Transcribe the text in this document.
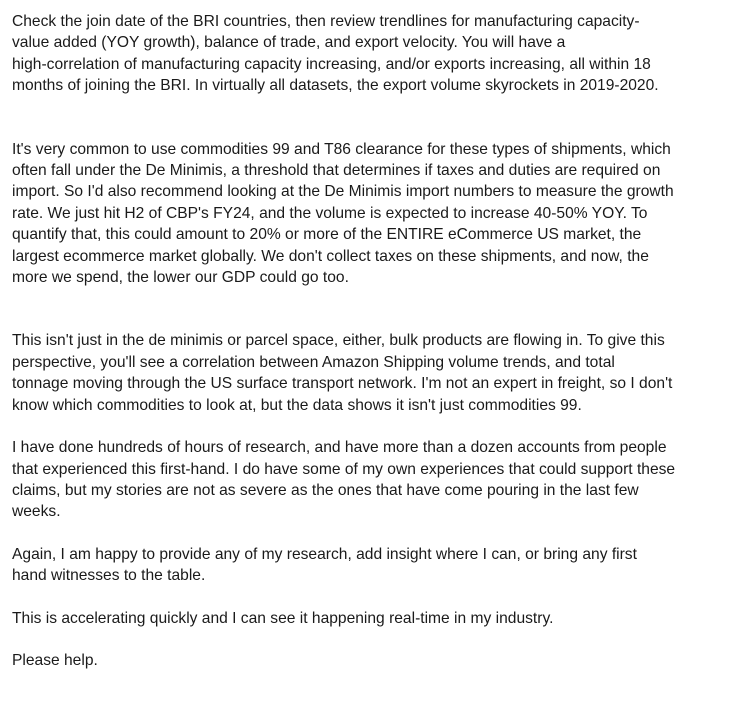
Check the join date of the BRI countries, then review trendlines for manufacturing capacity-
value added (YOY growth), balance of trade, and export velocity. You will have a
high-correlation of manufacturing capacity increasing, and/or exports increasing, all within 18
months of joining the BRI. In virtually all datasets, the export volume skyrockets in 2019-2020.

It's very common to use commodities 99 and T86 clearance for these types of shipments, which
often fall under the De Minimis, a threshold that determines if taxes and duties are required on
import. So I'd also recommend looking at the De Minimis import numbers to measure the growth
rate. We just hit H2 of CBP's FY24, and the volume is expected to increase 40-50% YOY. To
quantify that, this could amount to 20% or more of the ENTIRE eCommerce US market, the
largest ecommerce market globally. We don't collect taxes on these shipments, and now, the
more we spend, the lower our GDP could go too.

This isn't just in the de minimis or parcel space, either, bulk products are flowing in. To give this
perspective, you'll see a correlation between Amazon Shipping volume trends, and total
tonnage moving through the US surface transport network. I'm not an expert in freight, so I don't
know which commodities to look at, but the data shows it isn't just commodities 99.

I have done hundreds of hours of research, and have more than a dozen accounts from people
that experienced this first-hand. I do have some of my own experiences that could support these
claims, but my stories are not as severe as the ones that have come pouring in the last few
weeks.

Again, I am happy to provide any of my research, add insight where I can, or bring any first
hand witnesses to the table.

This is accelerating quickly and I can see it happening real-time in my industry.

Please help.
